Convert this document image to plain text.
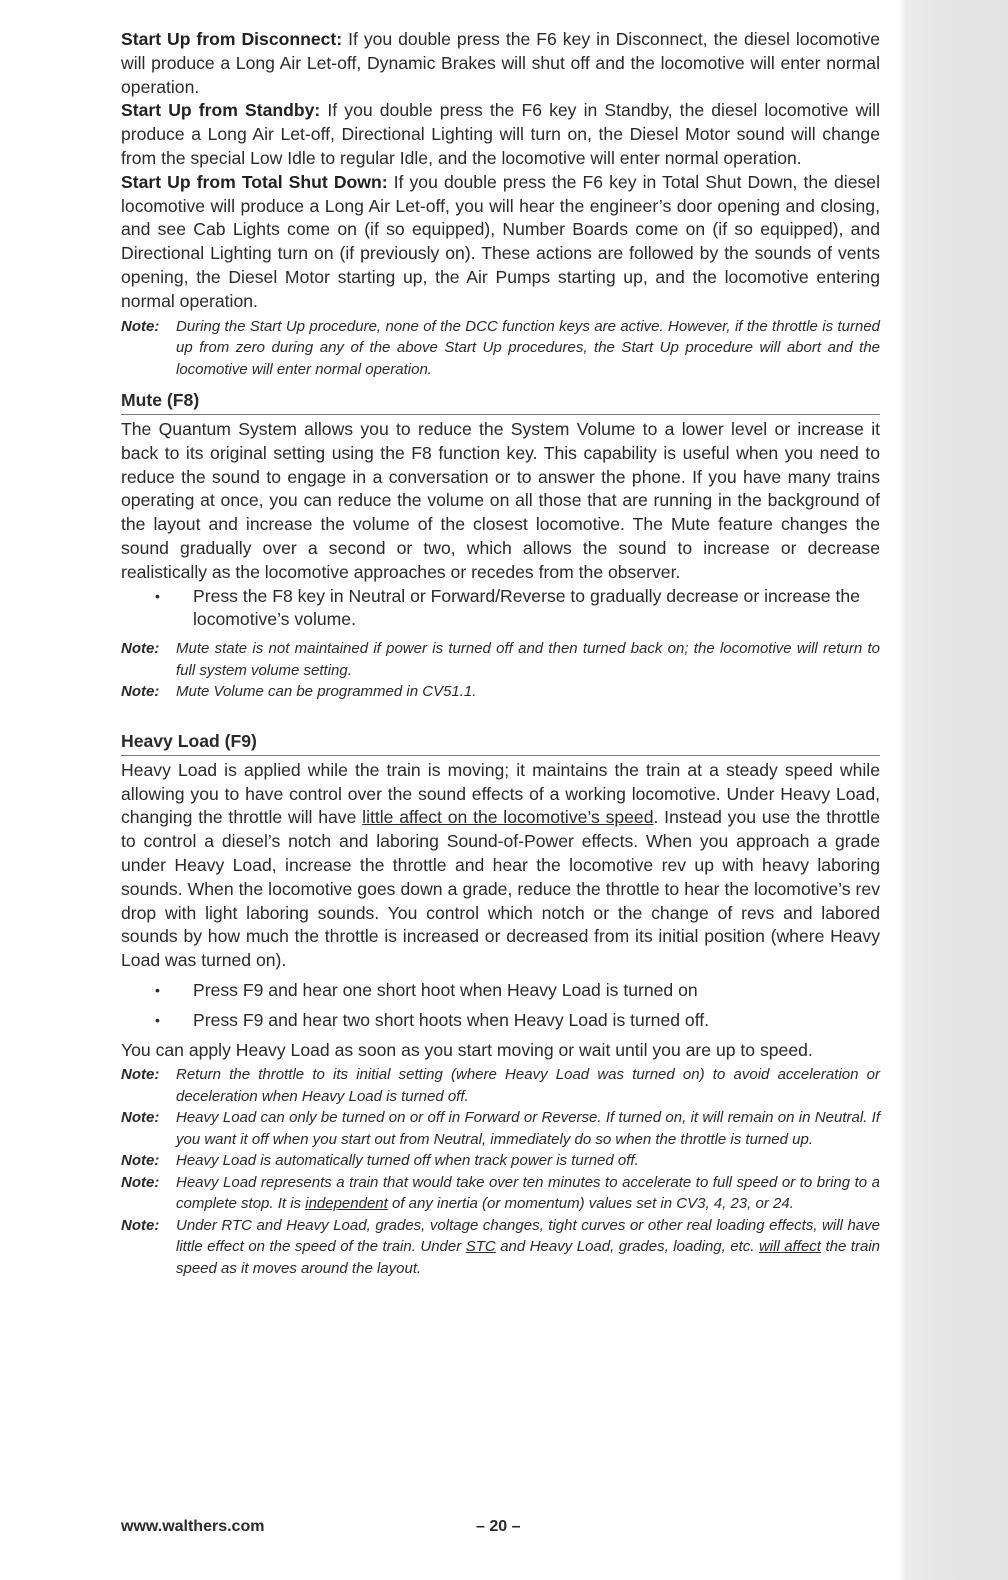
Start Up from Disconnect: If you double press the F6 key in Disconnect, the diesel locomotive will produce a Long Air Let-off, Dynamic Brakes will shut off and the locomotive will enter normal operation.

Start Up from Standby: If you double press the F6 key in Standby, the diesel locomotive will produce a Long Air Let-off, Directional Lighting will turn on, the Diesel Motor sound will change from the special Low Idle to regular Idle, and the locomotive will enter normal operation.

Start Up from Total Shut Down: If you double press the F6 key in Total Shut Down, the diesel locomotive will produce a Long Air Let-off, you will hear the engineer’s door opening and closing, and see Cab Lights come on (if so equipped), Number Boards come on (if so equipped), and Directional Lighting turn on (if previously on). These actions are followed by the sounds of vents opening, the Diesel Motor starting up, the Air Pumps starting up, and the locomotive entering normal operation.

Note: During the Start Up procedure, none of the DCC function keys are active. However, if the throttle is turned up from zero during any of the above Start Up procedures, the Start Up procedure will abort and the locomotive will enter normal operation.

Mute (F8)

The Quantum System allows you to reduce the System Volume to a lower level or increase it back to its original setting using the F8 function key. This capability is useful when you need to reduce the sound to engage in a conversation or to answer the phone. If you have many trains operating at once, you can reduce the volume on all those that are running in the background of the layout and increase the volume of the closest locomotive. The Mute feature changes the sound gradually over a second or two, which allows the sound to increase or decrease realistically as the locomotive approaches or recedes from the observer.

• Press the F8 key in Neutral or Forward/Reverse to gradually decrease or increase the locomotive’s volume.

Note: Mute state is not maintained if power is turned off and then turned back on; the locomotive will return to full system volume setting.

Note: Mute Volume can be programmed in CV51.1.

Heavy Load (F9)

Heavy Load is applied while the train is moving; it maintains the train at a steady speed while allowing you to have control over the sound effects of a working locomotive. Under Heavy Load, changing the throttle will have little affect on the locomotive’s speed. Instead you use the throttle to control a diesel’s notch and laboring Sound-of-Power effects. When you approach a grade under Heavy Load, increase the throttle and hear the locomotive rev up with heavy laboring sounds. When the locomotive goes down a grade, reduce the throttle to hear the locomotive’s rev drop with light laboring sounds. You control which notch or the change of revs and labored sounds by how much the throttle is increased or decreased from its initial position (where Heavy Load was turned on).

• Press F9 and hear one short hoot when Heavy Load is turned on

• Press F9 and hear two short hoots when Heavy Load is turned off.

You can apply Heavy Load as soon as you start moving or wait until you are up to speed.

Note: Return the throttle to its initial setting (where Heavy Load was turned on) to avoid acceleration or deceleration when Heavy Load is turned off.

Note: Heavy Load can only be turned on or off in Forward or Reverse. If turned on, it will remain on in Neutral. If you want it off when you start out from Neutral, immediately do so when the throttle is turned up.

Note: Heavy Load is automatically turned off when track power is turned off.

Note: Heavy Load represents a train that would take over ten minutes to accelerate to full speed or to bring to a complete stop. It is independent of any inertia (or momentum) values set in CV3, 4, 23, or 24.

Note: Under RTC and Heavy Load, grades, voltage changes, tight curves or other real loading effects, will have little effect on the speed of the train. Under STC and Heavy Load, grades, loading, etc. will affect the train speed as it moves around the layout.

www.walthers.com	– 20 –
